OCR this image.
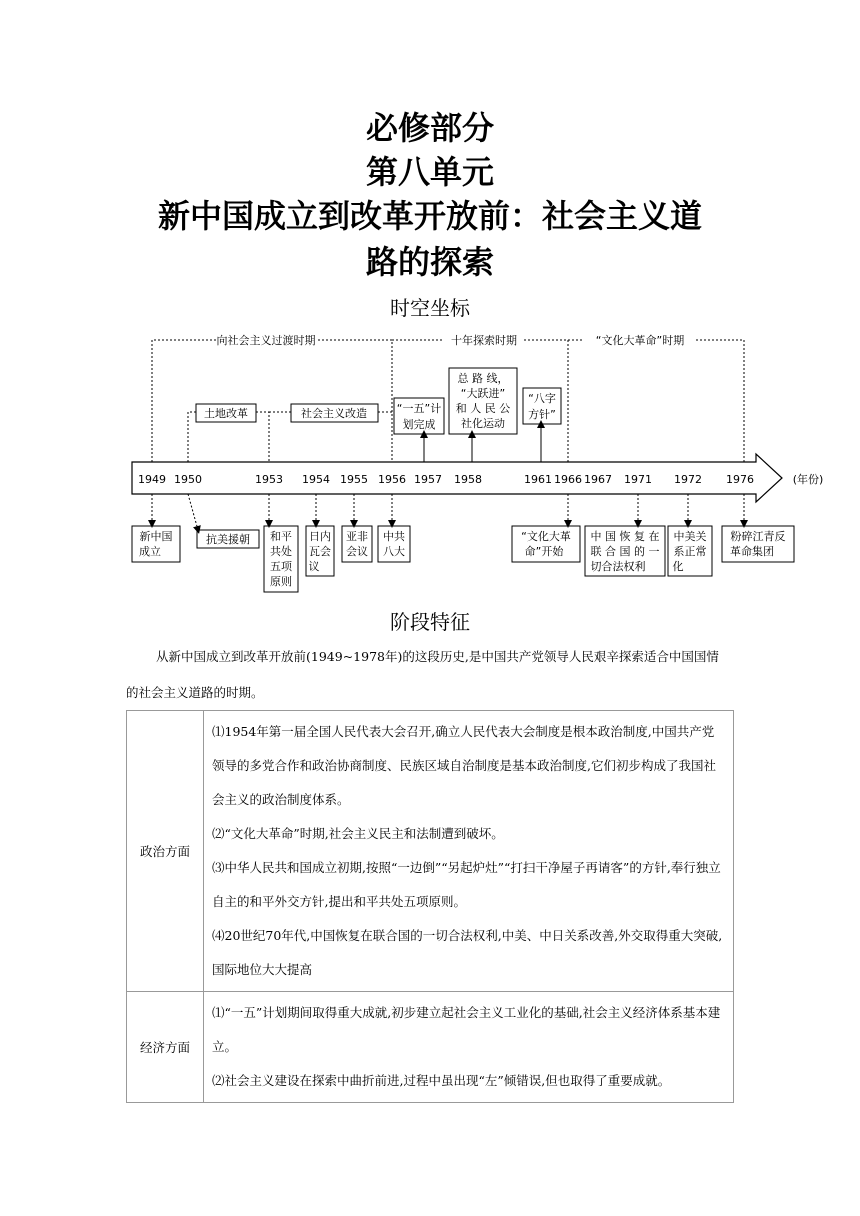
必修部分
第八单元
新中国成立到改革开放前：社会主义道
路的探索
时空坐标
向社会主义过渡时期	十年探索时期	“文化大革命”时期
1949 1950	1953 1954 1955 1956 1957 1958	1961 1966 1967 1971 1972 1976	(年份)
土地改革	社会主义改造	“一五”计
划完成
总 路 线，
“大跃进”
和 人 民 公
社化运动
“八字
方针”
新中国
成立
抗美援朝 和平
共处
五项
原则
日内
瓦会
议
亚非
会议
中共
八大
“文化大革
命”开始
中 国 恢 复 在
联 合 国 的 一
切合法权利
中美关
系正常
化
粉碎江青反
革命集团
阶段特征
从新中国成立到改革开放前(1949~1978年)的这段历史,是中国共产党领导人民艰辛探索适合中国国情
的社会主义道路的时期。
政治方面	⑴1954年第一届全国人民代表大会召开,确立人民代表大会制度是根本政治制度,中国共产党领导的多党合作和政治协商制度、民族区域自治制度是基本政治制度,它们初步构成了我国社会主义的政治制度体系。
⑵“文化大革命”时期,社会主义民主和法制遭到破坏。
⑶中华人民共和国成立初期,按照“一边倒”“另起炉灶”“打扫干净屋子再请客”的方针,奉行独立自主的和平外交方针,提出和平共处五项原则。
⑷20世纪70年代,中国恢复在联合国的一切合法权利,中美、中日关系改善,外交取得重大突破,国际地位大大提高

经济方面	⑴“一五”计划期间取得重大成就,初步建立起社会主义工业化的基础,社会主义经济体系基本建立。
⑵社会主义建设在探索中曲折前进,过程中虽出现“左”倾错误,但也取得了重要成就。
